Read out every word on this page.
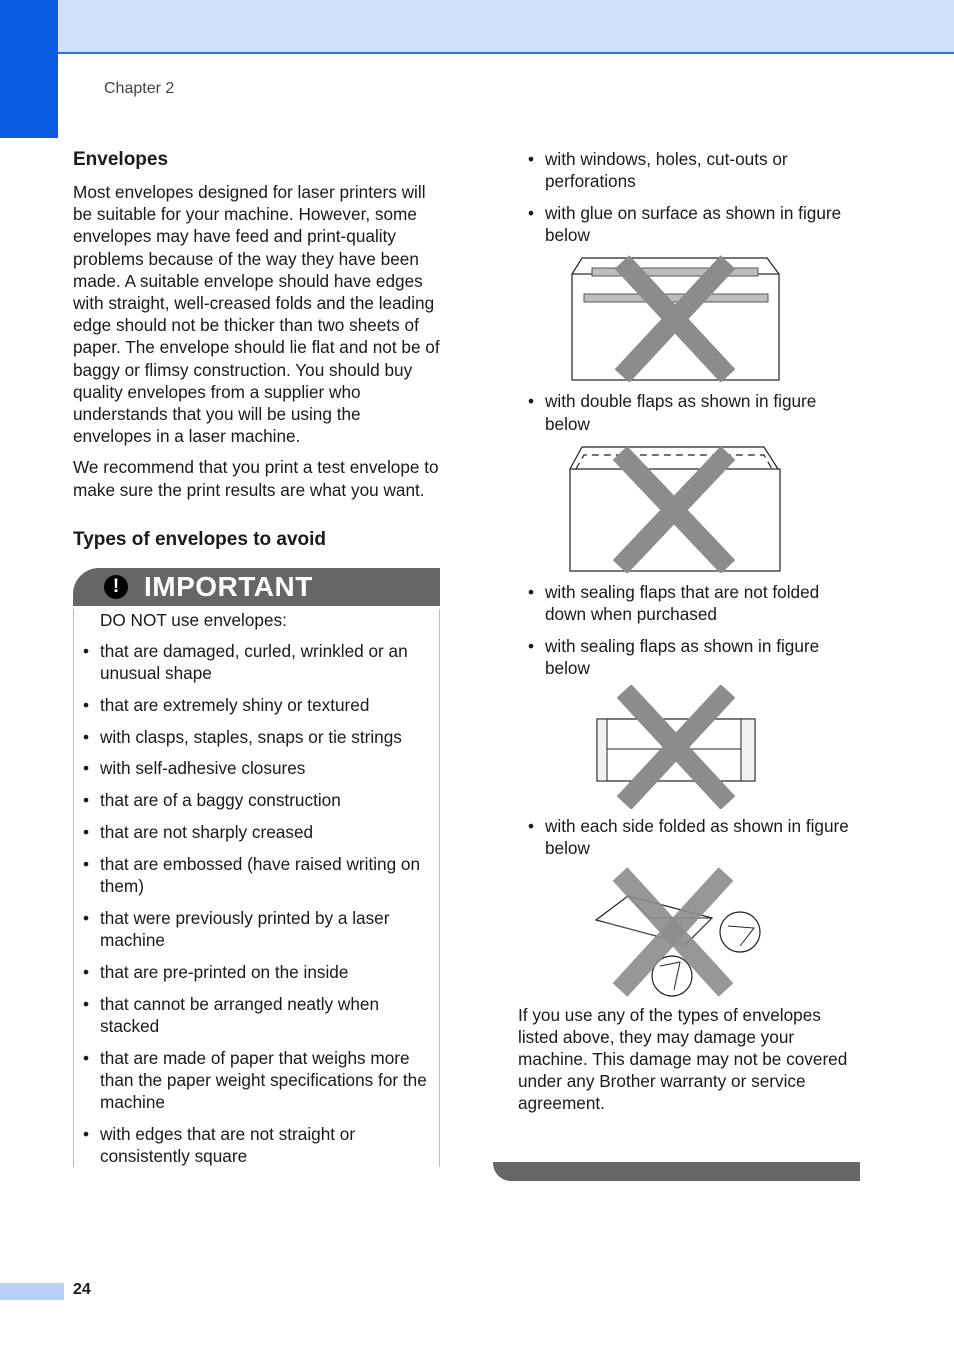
Chapter 2
Envelopes

Most envelopes designed for laser printers will be suitable for your machine. However, some envelopes may have feed and print-quality problems because of the way they have been made. A suitable envelope should have edges with straight, well-creased folds and the leading edge should not be thicker than two sheets of paper. The envelope should lie flat and not be of baggy or flimsy construction. You should buy quality envelopes from a supplier who understands that you will be using the envelopes in a laser machine.

We recommend that you print a test envelope to make sure the print results are what you want.

Types of envelopes to avoid
! IMPORTANT
DO NOT use envelopes:
• that are damaged, curled, wrinkled or an unusual shape
• that are extremely shiny or textured
• with clasps, staples, snaps or tie strings
• with self-adhesive closures
• that are of a baggy construction
• that are not sharply creased
• that are embossed (have raised writing on them)
• that were previously printed by a laser machine
• that are pre-printed on the inside
• that cannot be arranged neatly when stacked
• that are made of paper that weighs more than the paper weight specifications for the machine
• with edges that are not straight or consistently square
• with windows, holes, cut-outs or perforations
• with glue on surface as shown in figure below
• with double flaps as shown in figure below
• with sealing flaps that are not folded down when purchased
• with sealing flaps as shown in figure below
• with each side folded as shown in figure below

If you use any of the types of envelopes listed above, they may damage your machine. This damage may not be covered under any Brother warranty or service agreement.

24
